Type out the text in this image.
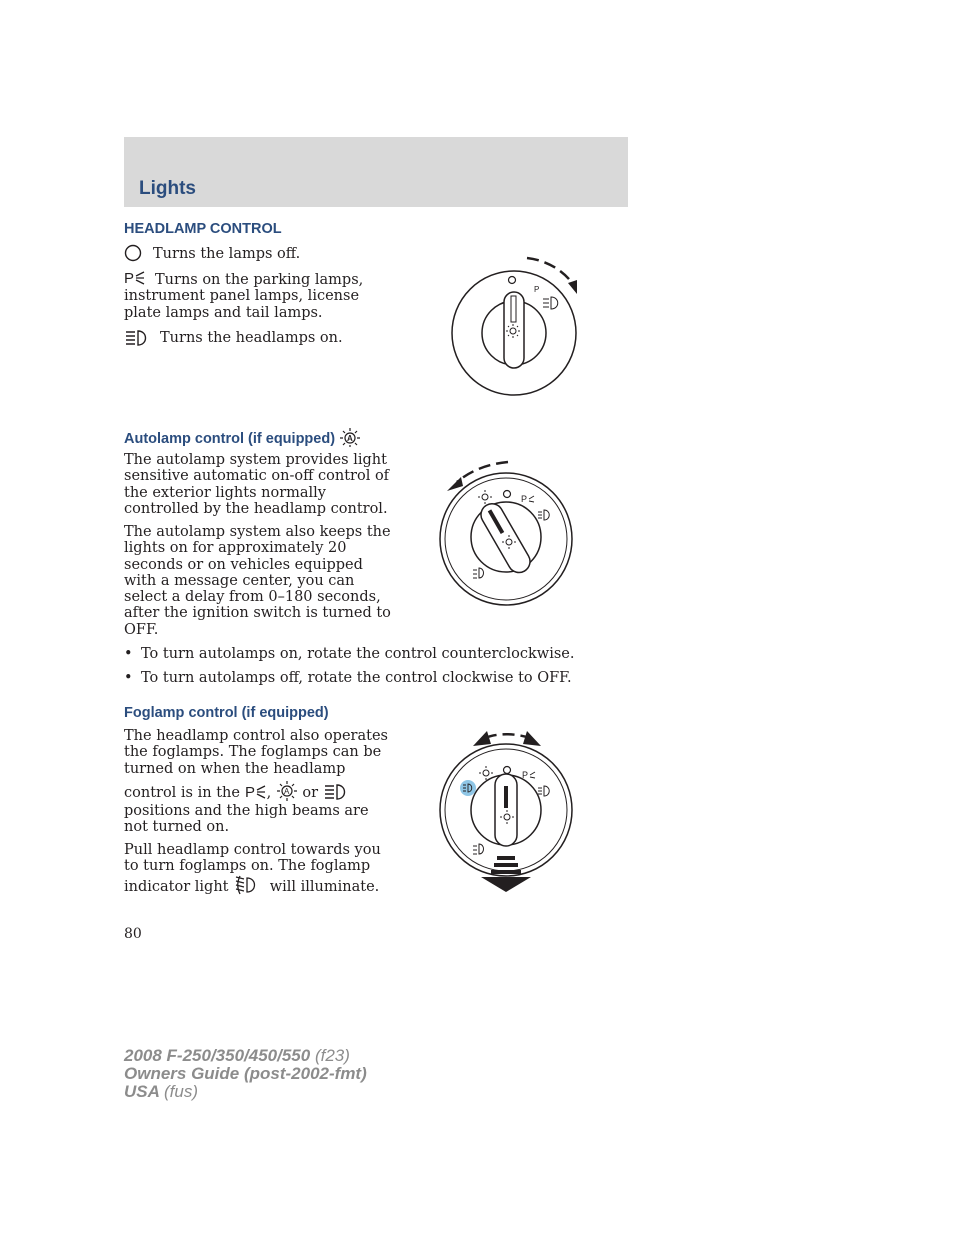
Lights
HEADLAMP CONTROL
Turns the lamps off.
P	Turns on the parking lamps,
instrument panel lamps, license
plate lamps and tail lamps.
Turns the headlamps on.
P
Autolamp control (if equipped) A
The autolamp system provides light
sensitive automatic on-off control of
the exterior lights normally
controlled by the headlamp control.
The autolamp system also keeps the
lights on for approximately 20
seconds or on vehicles equipped
with a message center, you can
select a delay from 0–180 seconds,
after the ignition switch is turned to
OFF.
• To turn autolamps on, rotate the control counterclockwise.
• To turn autolamps off, rotate the control clockwise to OFF.
P
Foglamp control (if equipped)
The headlamp control also operates
the foglamps. The foglamps can be
turned on when the headlamp
control is in the P , A or
positions and the high beams are
not turned on.
Pull headlamp control towards you
to turn foglamps on. The foglamp
indicator light	will illuminate.
P
80
2008 F-250/350/450/550 (f23)
Owners Guide (post-2002-fmt)
USA (fus)
